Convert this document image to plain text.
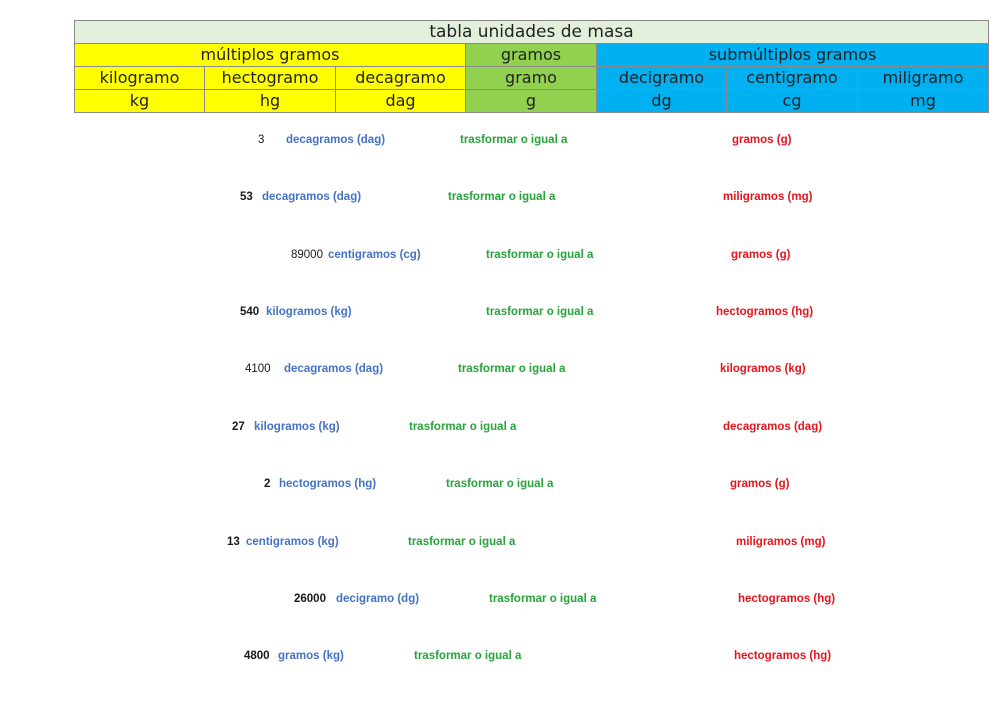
tabla unidades de masa						
múltiplos gramos			gramos	submúltiplos gramos		
kilogramo	hectogramo	decagramo	gramo	decigramo	centigramo	miligramo
kg	hg	dag	g	dg	cg	mg
3 decagramos (dag)	trasformar o igual a	gramos (g)
53 decagramos (dag)	trasformar o igual a	miligramos (mg)
89000 centigramos (cg)	trasformar o igual a	gramos (g)
540 kilogramos (kg)	trasformar o igual a	hectogramos (hg)
4100 decagramos (dag)	trasformar o igual a	kilogramos (kg)
27 kilogramos (kg)	trasformar o igual a	decagramos (dag)
2 hectogramos (hg)	trasformar o igual a	gramos (g)
13 centigramos (kg)	trasformar o igual a	miligramos (mg)
26000 decigramo (dg)	trasformar o igual a	hectogramos (hg)
4800 gramos (kg)	trasformar o igual a	hectogramos (hg)
